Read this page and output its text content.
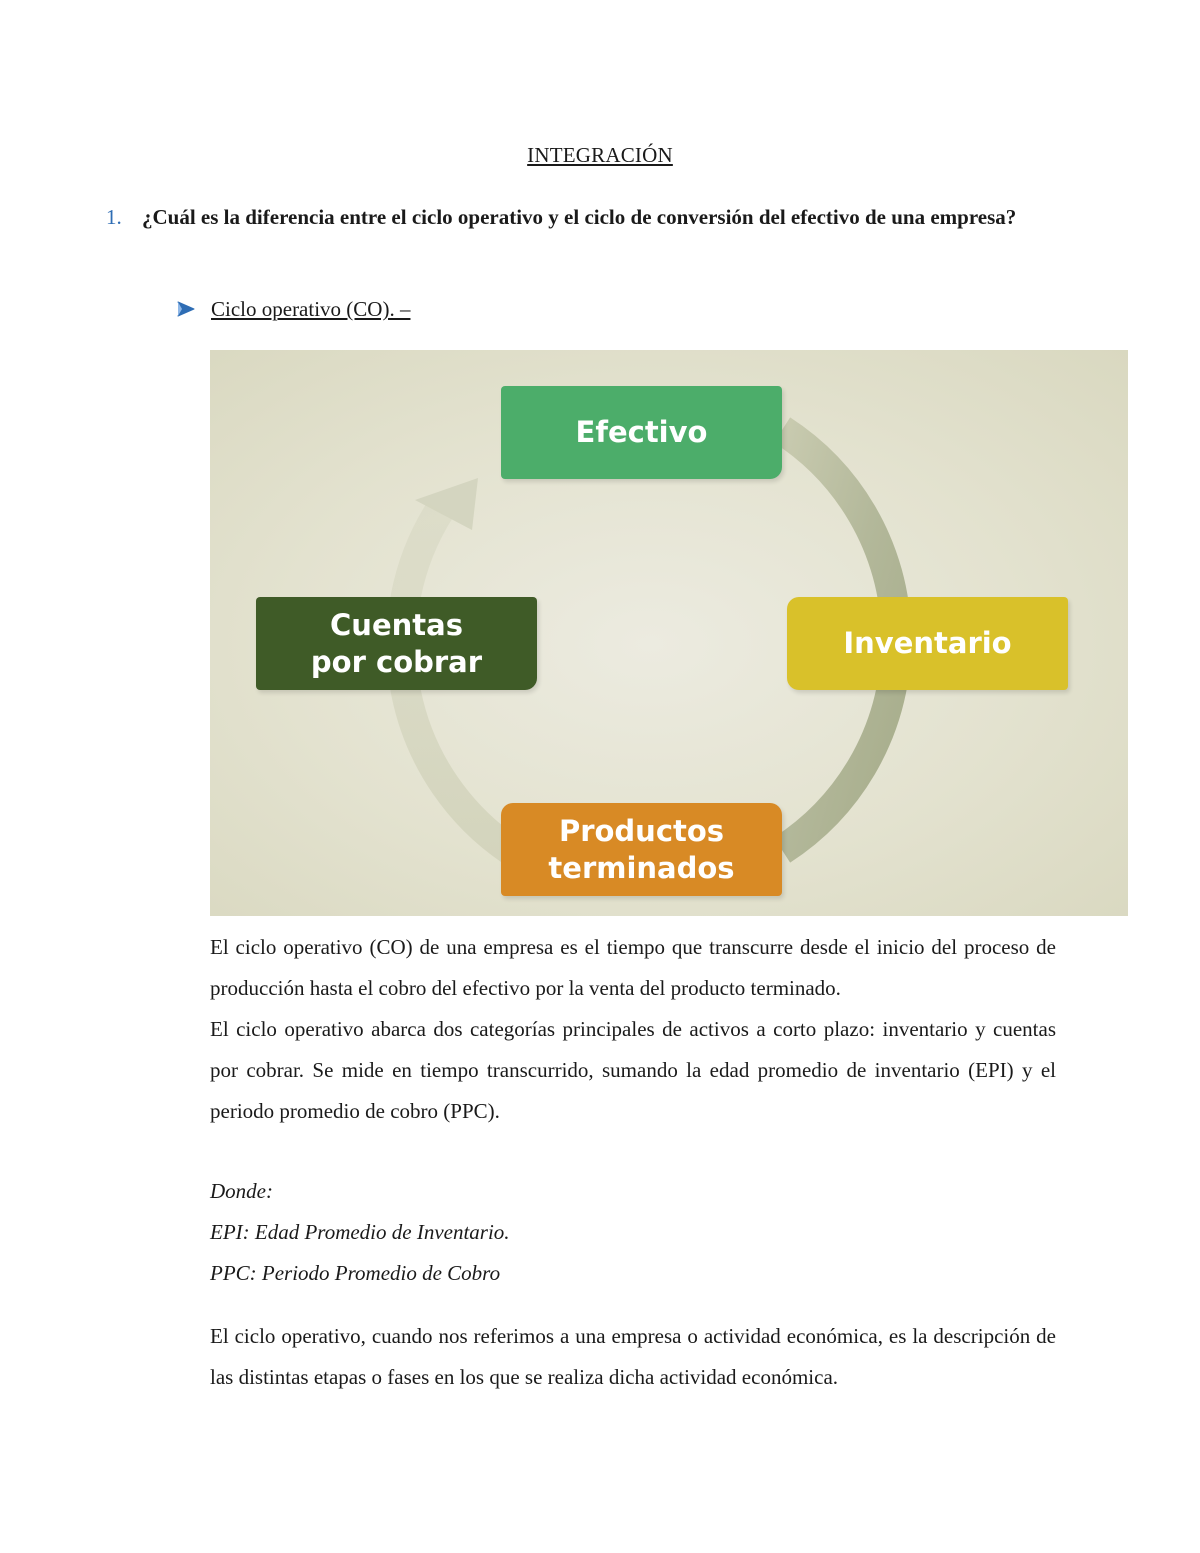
INTEGRACIÓN
1. ¿Cuál es la diferencia entre el ciclo operativo y el ciclo de conversión del efectivo de una empresa?
Ciclo operativo (CO). –
Efectivo
Inventario
Productos
terminados
Cuentas
por cobrar

El ciclo operativo (CO) de una empresa es el tiempo que transcurre desde el inicio del proceso de producción hasta el cobro del efectivo por la venta del producto terminado.

El ciclo operativo abarca dos categorías principales de activos a corto plazo: inventario y cuentas por cobrar. Se mide en tiempo transcurrido, sumando la edad promedio de inventario (EPI) y el periodo promedio de cobro (PPC).

Donde:

EPI: Edad Promedio de Inventario.

PPC: Periodo Promedio de Cobro

El ciclo operativo, cuando nos referimos a una empresa o actividad económica, es la descripción de las distintas etapas o fases en los que se realiza dicha actividad económica.
